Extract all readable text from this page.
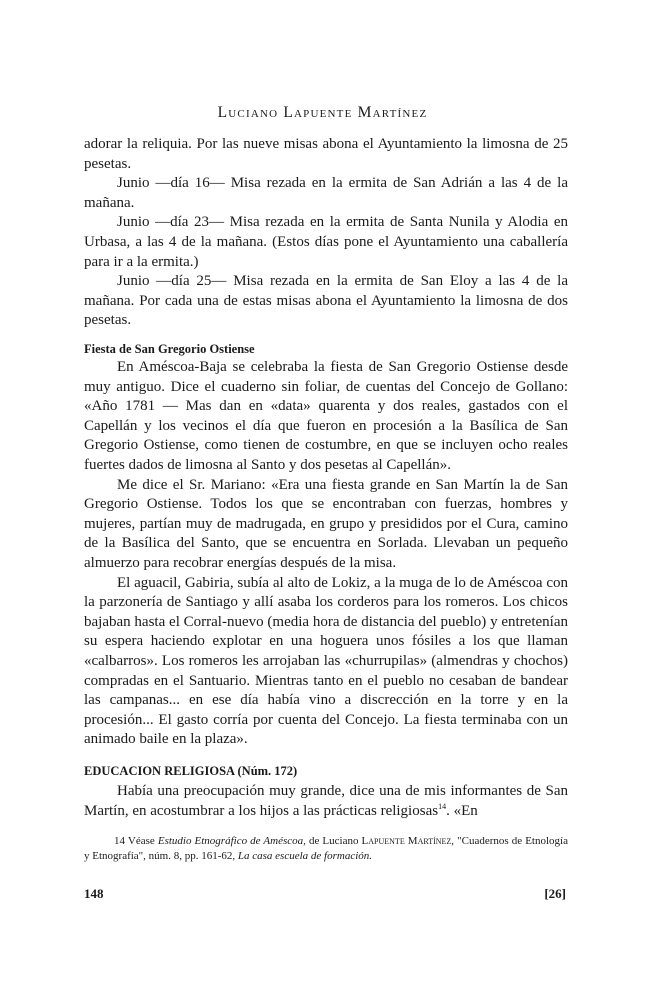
Luciano Lapuente Martínez

adorar la reliquia. Por las nueve misas abona el Ayuntamiento la limosna de 25 pesetas.

Junio —día 16— Misa rezada en la ermita de San Adrián a las 4 de la mañana.

Junio —día 23— Misa rezada en la ermita de Santa Nunila y Alodia en Urbasa, a las 4 de la mañana. (Estos días pone el Ayuntamiento una caballería para ir a la ermita.)

Junio —día 25— Misa rezada en la ermita de San Eloy a las 4 de la mañana. Por cada una de estas misas abona el Ayuntamiento la limosna de dos pesetas.

Fiesta de San Gregorio Ostiense

En Améscoa-Baja se celebraba la fiesta de San Gregorio Ostiense desde muy antiguo. Dice el cuaderno sin foliar, de cuentas del Concejo de Gollano: «Año 1781 — Mas dan en «data» quarenta y dos reales, gastados con el Capellán y los vecinos el día que fueron en procesión a la Basílica de San Gregorio Ostiense, como tienen de costumbre, en que se incluyen ocho reales fuertes dados de limosna al Santo y dos pesetas al Capellán».

Me dice el Sr. Mariano: «Era una fiesta grande en San Martín la de San Gregorio Ostiense. Todos los que se encontraban con fuerzas, hombres y mujeres, partían muy de madrugada, en grupo y presididos por el Cura, camino de la Basílica del Santo, que se encuentra en Sorlada. Llevaban un pequeño almuerzo para recobrar energías después de la misa.

El aguacil, Gabiria, subía al alto de Lokiz, a la muga de lo de Améscoa con la parzonería de Santiago y allí asaba los corderos para los romeros. Los chicos bajaban hasta el Corral-nuevo (media hora de distancia del pueblo) y entretenían su espera haciendo explotar en una hoguera unos fósiles a los que llaman «calbarros». Los romeros les arrojaban las «churrupilas» (almendras y chochos) compradas en el Santuario. Mientras tanto en el pueblo no cesaban de bandear las campanas... en ese día había vino a discrección en la torre y en la procesión... El gasto corría por cuenta del Concejo. La fiesta terminaba con un animado baile en la plaza».

EDUCACION RELIGIOSA (Núm. 172)

Había una preocupación muy grande, dice una de mis informantes de San Martín, en acostumbrar a los hijos a las prácticas religiosas$^{14}$. «En

14 Véase Estudio Etnográfico de Améscoa, de Luciano Lapuente Martínez, "Cuadernos de Etnología y Etnografía", núm. 8, pp. 161-62, La casa escuela de formación.

148	[26]
